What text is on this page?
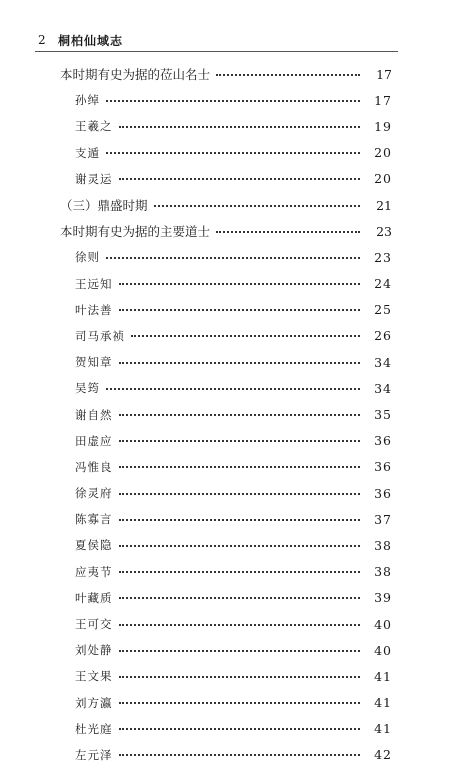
2	桐柏仙域志
本时期有史为据的莅山名士	17
孙绰	17
王羲之	19
支遁	20
谢灵运	20
（三）鼎盛时期	21
本时期有史为据的主要道士	23
徐则	23
王远知	24
叶法善	25
司马承祯	26
贺知章	34
吴筠	34
谢自然	35
田虚应	36
冯惟良	36
徐灵府	36
陈寡言	37
夏侯隐	38
应夷节	38
叶藏质	39
王可交	40
刘处静	40
王文果	41
刘方瀛	41
杜光庭	41
左元泽	42
